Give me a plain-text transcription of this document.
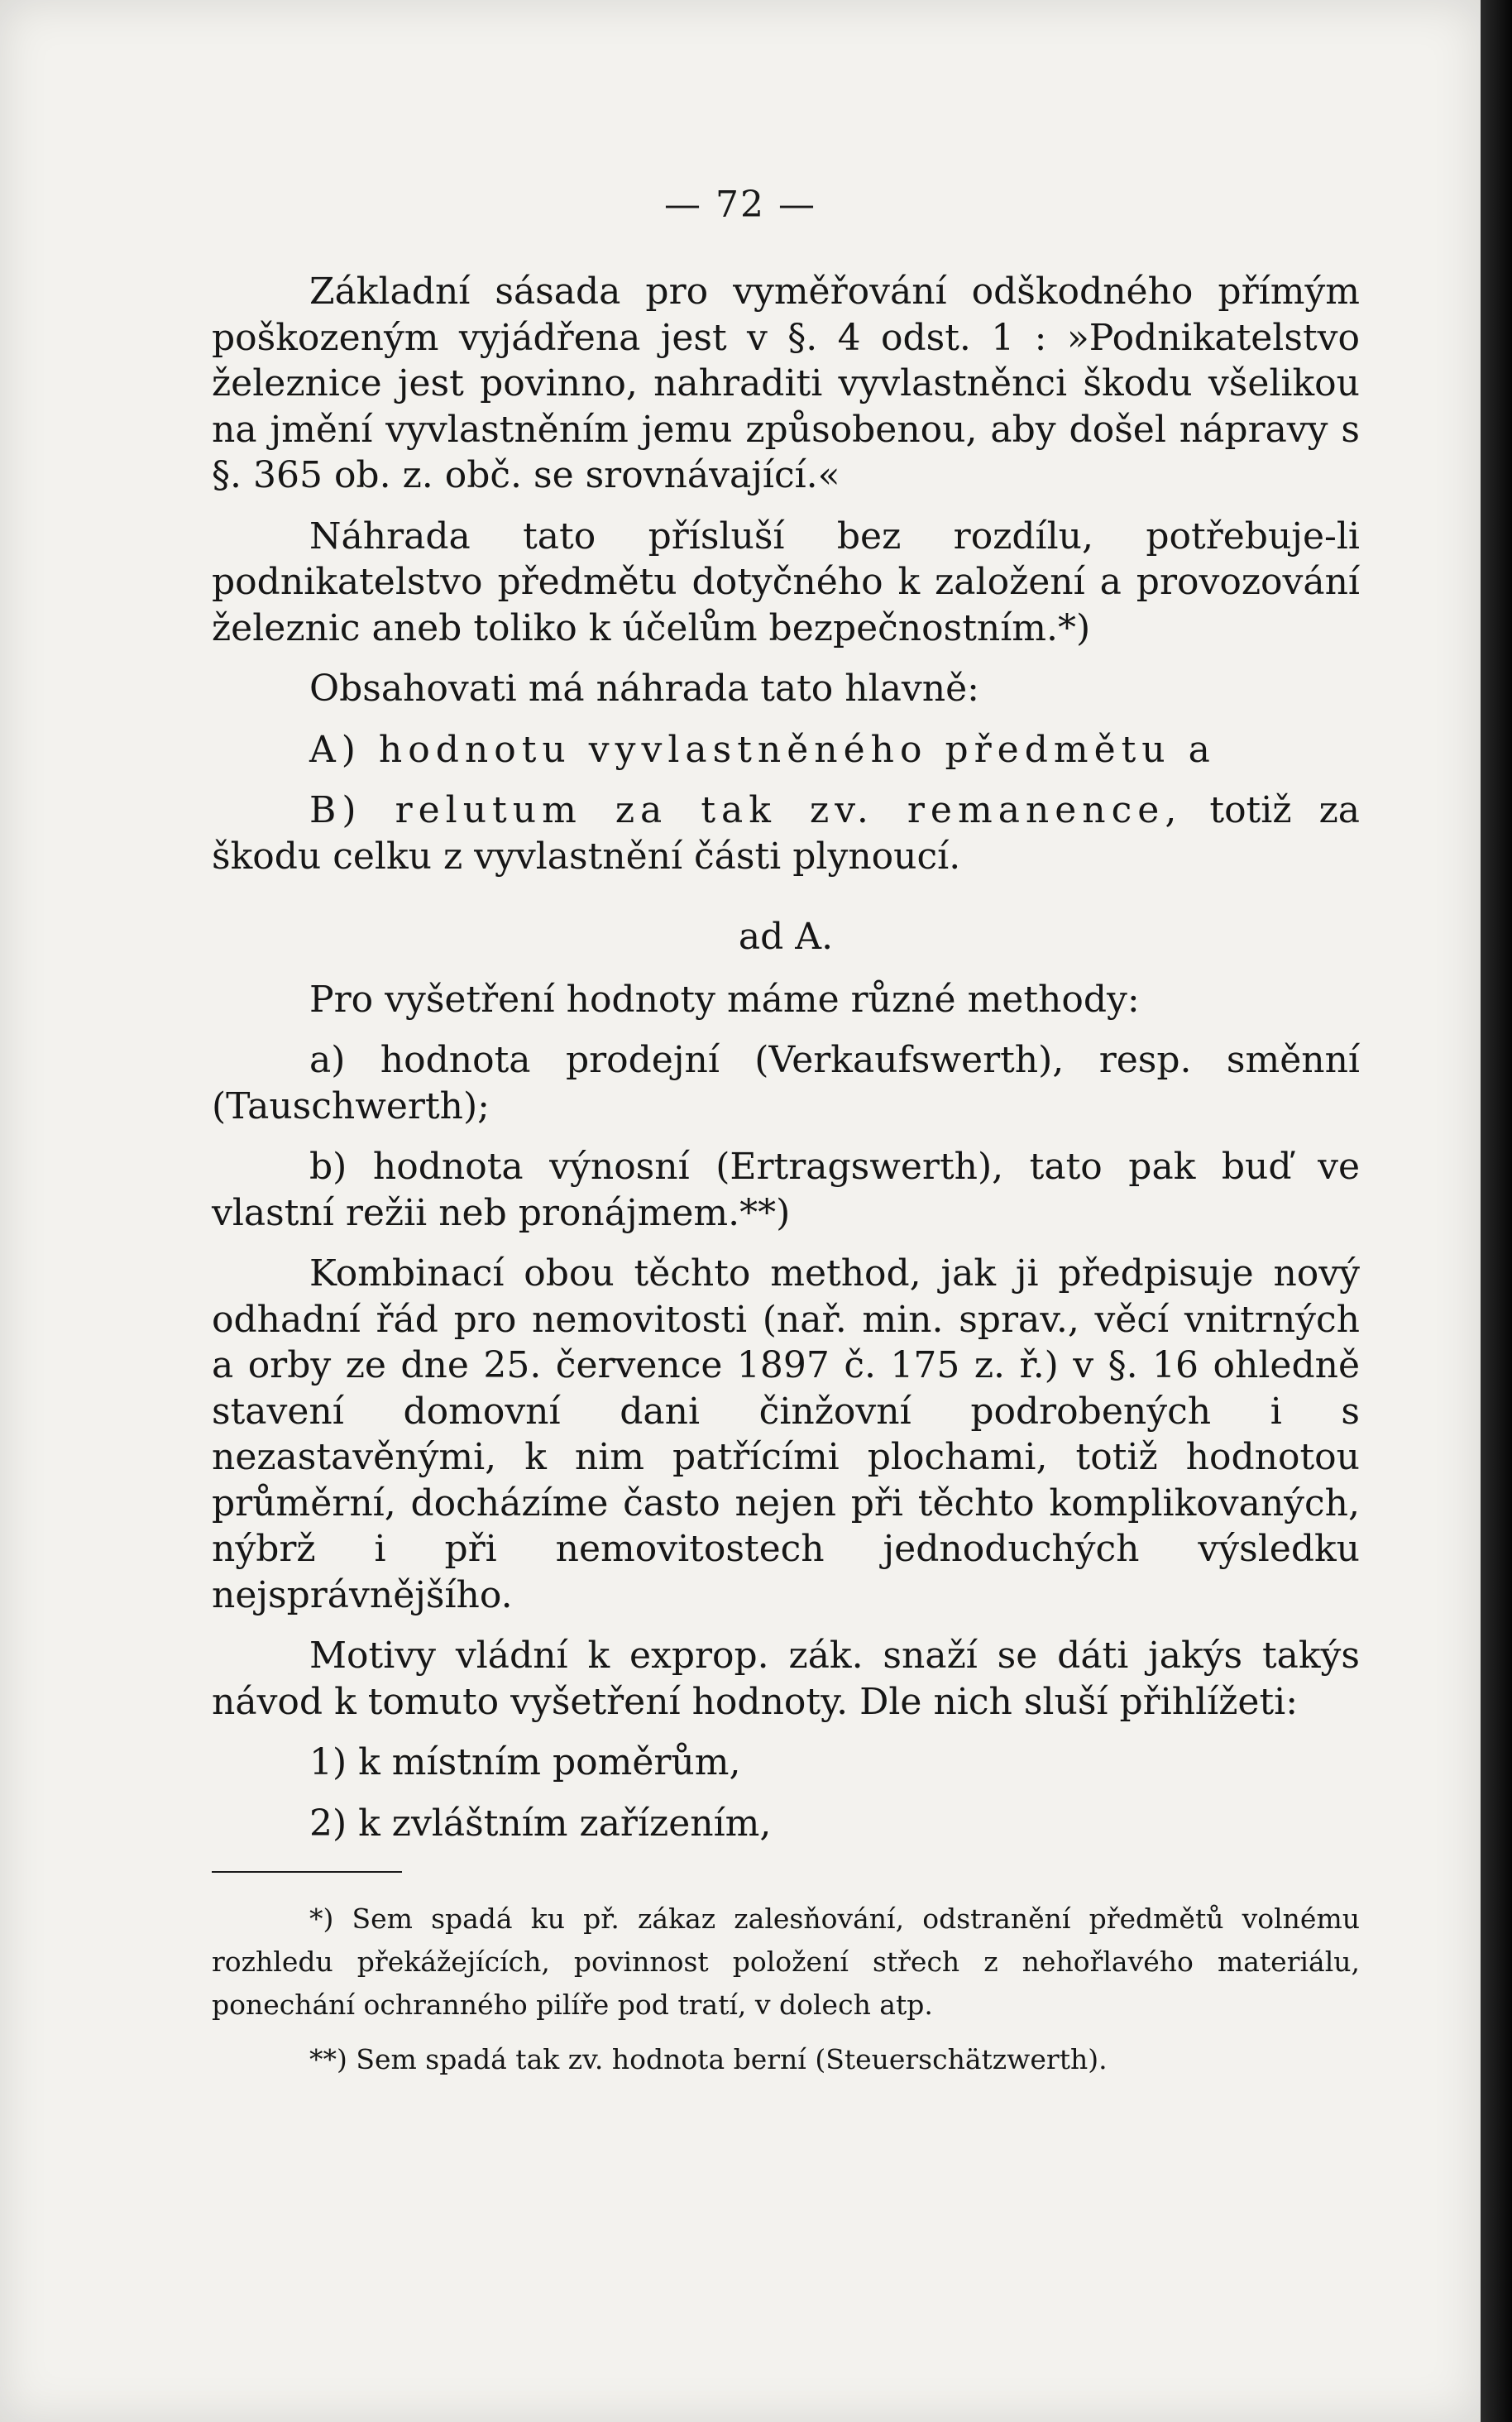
— 72 —

Základní sásada pro vyměřování odškodného přímým poškozeným vyjádřena jest v §. 4 odst. 1 : »Podnikatelstvo železnice jest povinno, nahraditi vyvlastněnci škodu všelikou na jmění vyvlastněním jemu způsobenou, aby došel nápravy s §. 365 ob. z. obč. se srovnávající.«

Náhrada tato přísluší bez rozdílu, potřebuje-li podnikatelstvo předmětu dotyčného k založení a provozování železnic aneb toliko k účelům bezpečnostním.*)

Obsahovati má náhrada tato hlavně:

A) hodnotu vyvlastněného předmětu a

B) relutum za tak zv. remanence, totiž za škodu celku z vyvlastnění části plynoucí.

ad A.

Pro vyšetření hodnoty máme různé methody:

a) hodnota prodejní (Verkaufswerth), resp. směnní (Tauschwerth);

b) hodnota výnosní (Ertragswerth), tato pak buď ve vlastní režii neb pronájmem.**)

Kombinací obou těchto method, jak ji předpisuje nový odhadní řád pro nemovitosti (nař. min. sprav., věcí vnitrných a orby ze dne 25. července 1897 č. 175 z. ř.) v §. 16 ohledně stavení domovní dani činžovní podrobených i s nezastavěnými, k nim patřícími plochami, totiž hodnotou průměrní, docházíme často nejen při těchto komplikovaných, nýbrž i při nemovitostech jednoduchých výsledku nejsprávnějšího.

Motivy vládní k exprop. zák. snaží se dáti jakýs takýs návod k tomuto vyšetření hodnoty. Dle nich sluší přihlížeti:

1) k místním poměrům,
2) k zvláštním zařízením,

*) Sem spadá ku př. zákaz zalesňování, odstranění předmětů volnému rozhledu překážejících, povinnost položení střech z nehořlavého materiálu, ponechání ochranného pilíře pod tratí, v dolech atp.

**) Sem spadá tak zv. hodnota berní (Steuerschätzwerth).
